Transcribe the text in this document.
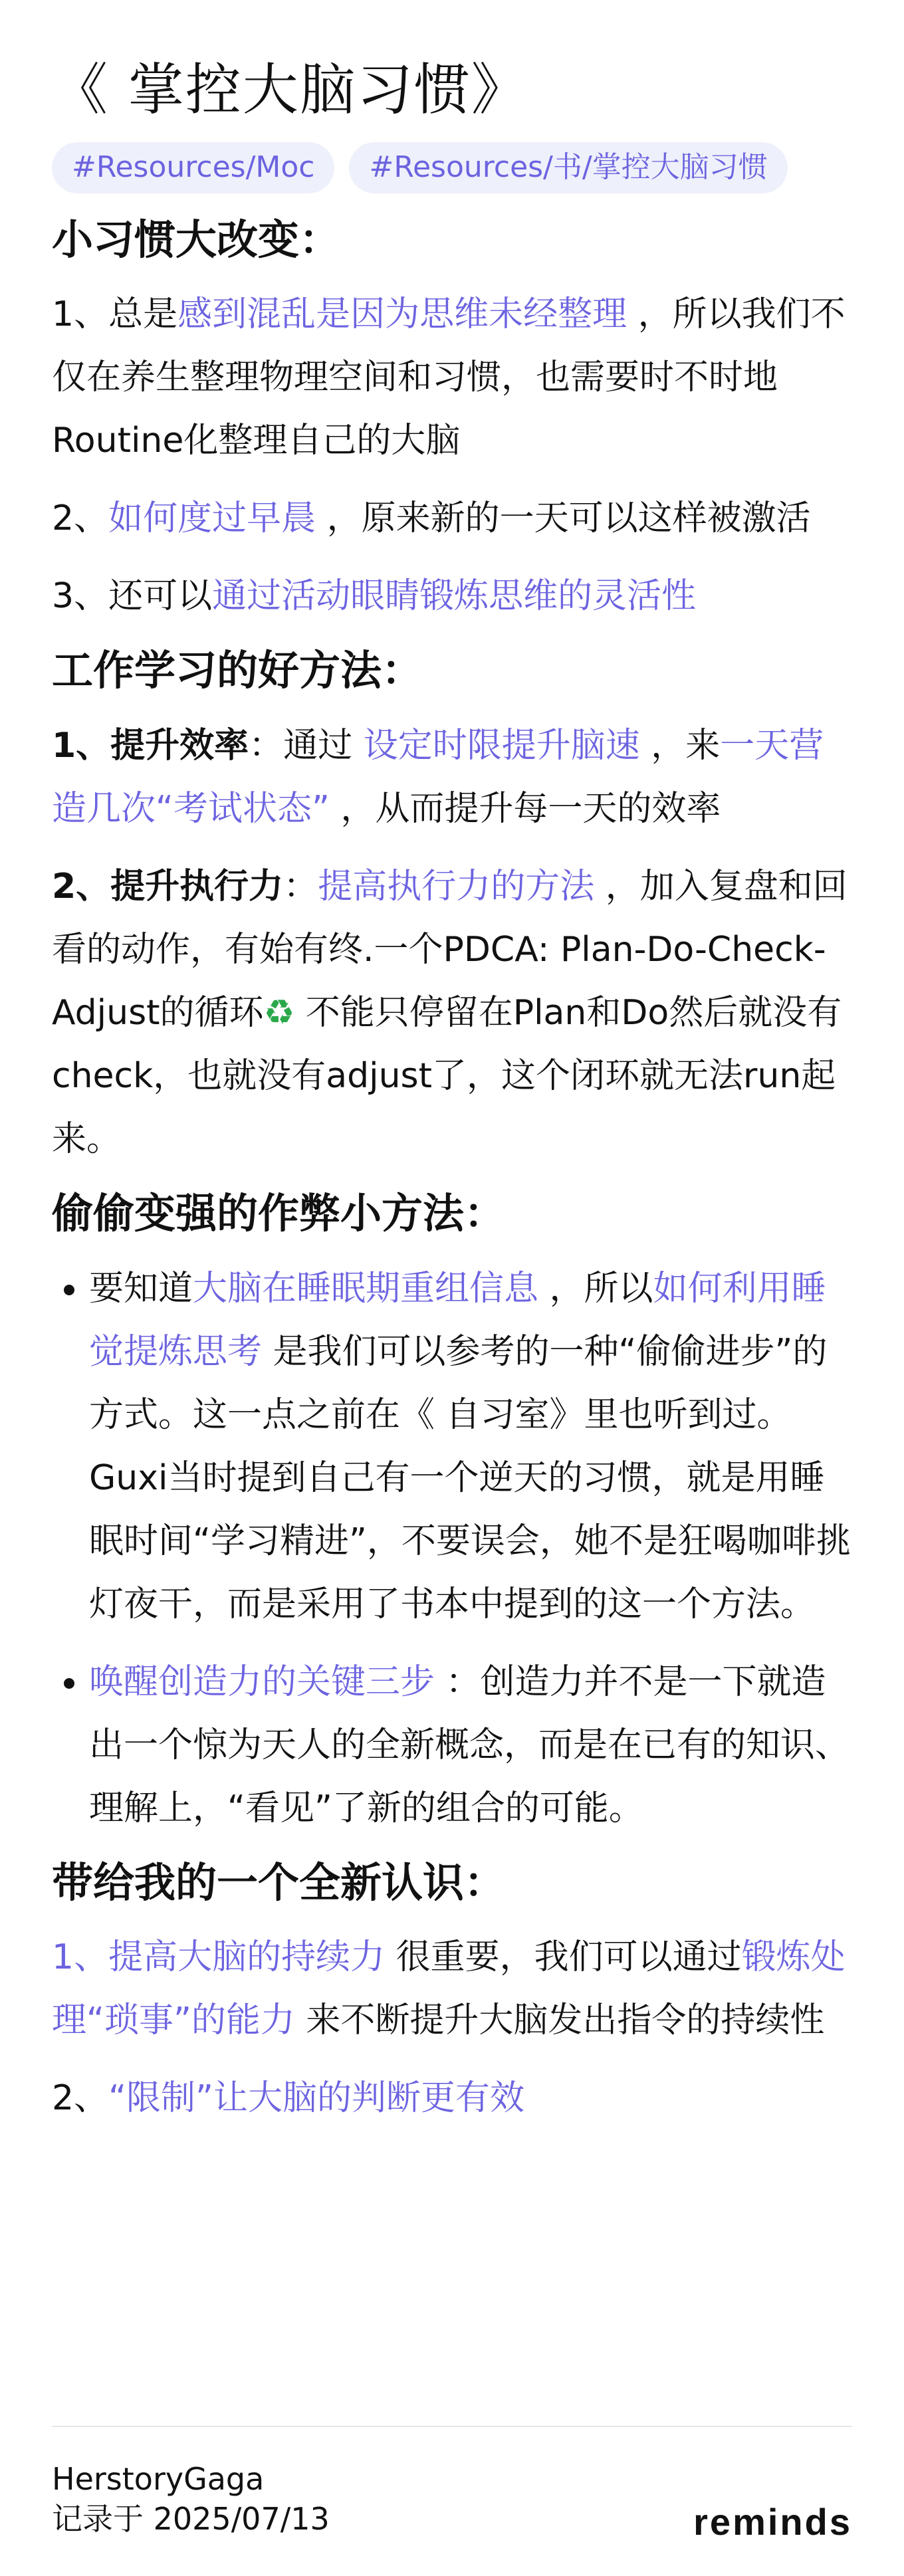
《 掌控大脑习惯》
#Resources/Moc	#Resources/书/掌控大脑习惯
小习惯大改变：

1、总是感到混乱是因为思维未经整理 ，所以我们不仅在养生整理物理空间和习惯，也需要时不时地Routine化整理自己的大脑

2、如何度过早晨 ，原来新的一天可以这样被激活

3、还可以通过活动眼睛锻炼思维的灵活性

工作学习的好方法：

1、提升效率：通过 设定时限提升脑速 ，来一天营造几次“考试状态” ，从而提升每一天的效率

2、提升执行力：提高执行力的方法 ，加入复盘和回看的动作，有始有终.一个PDCA: Plan-Do-Check-Adjust的循环♻ 不能只停留在Plan和Do然后就没有check，也就没有adjust了，这个闭环就无法run起来。

偷偷变强的作弊小方法：
• 要知道大脑在睡眠期重组信息 ，所以如何利用睡觉提炼思考 是我们可以参考的一种“偷偷进步”的方式。这一点之前在《 自习室》里也听到过。Guxi当时提到自己有一个逆天的习惯，就是用睡眠时间“学习精进”，不要误会，她不是狂喝咖啡挑灯夜干，而是采用了书本中提到的这一个方法。
• 唤醒创造力的关键三步 ：创造力并不是一下就造出一个惊为天人的全新概念，而是在已有的知识、理解上，“看见”了新的组合的可能。
带给我的一个全新认识：

1、提高大脑的持续力 很重要，我们可以通过锻炼处理“琐事”的能力 来不断提升大脑发出指令的持续性

2、“限制”让大脑的判断更有效

HerstoryGaga
记录于 2025/07/13	reminds
